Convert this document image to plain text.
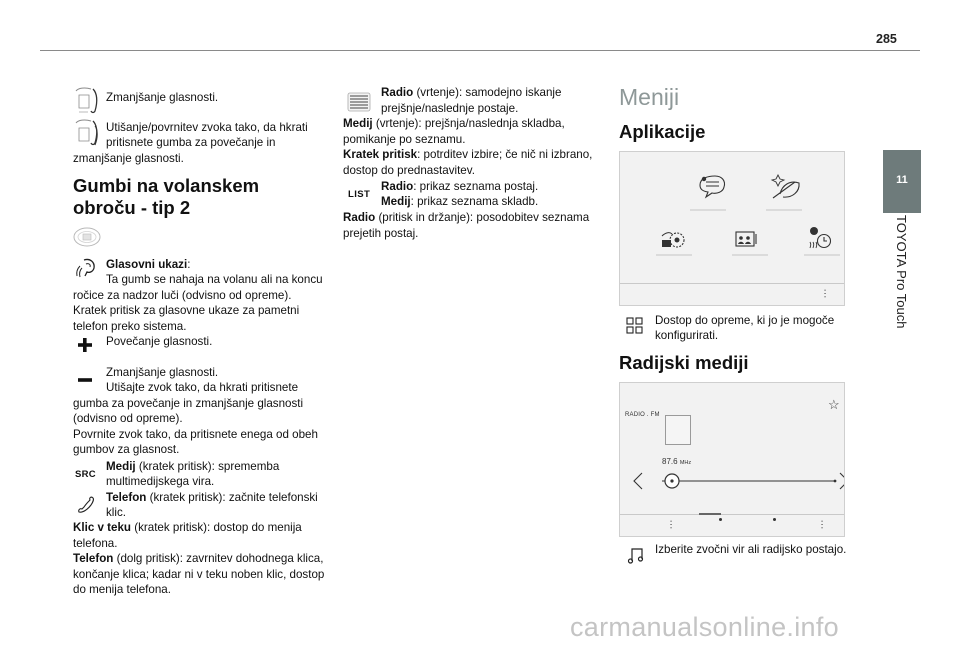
285
11
TOYOTA Pro Touch
Zmanjšanje glasnosti.
Utišanje/povrnitev zvoka tako, da hkrati
pritisnete gumba za povečanje in
zmanjšanje glasnosti.
Gumbi na volanskem
obroču - tip 2
Glasovni ukazi:
Ta gumb se nahaja na volanu ali na koncu
ročice za nadzor luči (odvisno od opreme).
Kratek pritisk za glasovne ukaze za pametni
telefon preko sistema.
Povečanje glasnosti.
Zmanjšanje glasnosti.
Utišajte zvok tako, da hkrati pritisnete
gumba za povečanje in zmanjšanje glasnosti
(odvisno od opreme).
Povrnite zvok tako, da pritisnete enega od obeh
gumbov za glasnost.
SRC
Medij (kratek pritisk): sprememba
multimedijskega vira.
Telefon (kratek pritisk): začnite telefonski
klic.
Klic v teku (kratek pritisk): dostop do menija
telefona.
Telefon (dolg pritisk): zavrnitev dohodnega klica,
končanje klica; kadar ni v teku noben klic, dostop
do menija telefona.
Radio (vrtenje): samodejno iskanje
prejšnje/naslednje postaje.
Medij (vrtenje): prejšnja/naslednja skladba,
pomikanje po seznamu.
Kratek pritisk: potrditev izbire; če nič ni izbrano,
dostop do prednastavitev.
LIST
Radio: prikaz seznama postaj.
Medij: prikaz seznama skladb.
Radio (pritisk in držanje): posodobitev seznama
prejetih postaj.
Meniji
Aplikacije
···
Dostop do opreme, ki jo je mogoče
konfigurirati.
Radijski mediji
RADIO . FM
☆
87.6 MHz
···	···
Izberite zvočni vir ali radijsko postajo.
carmanualsonline.info
